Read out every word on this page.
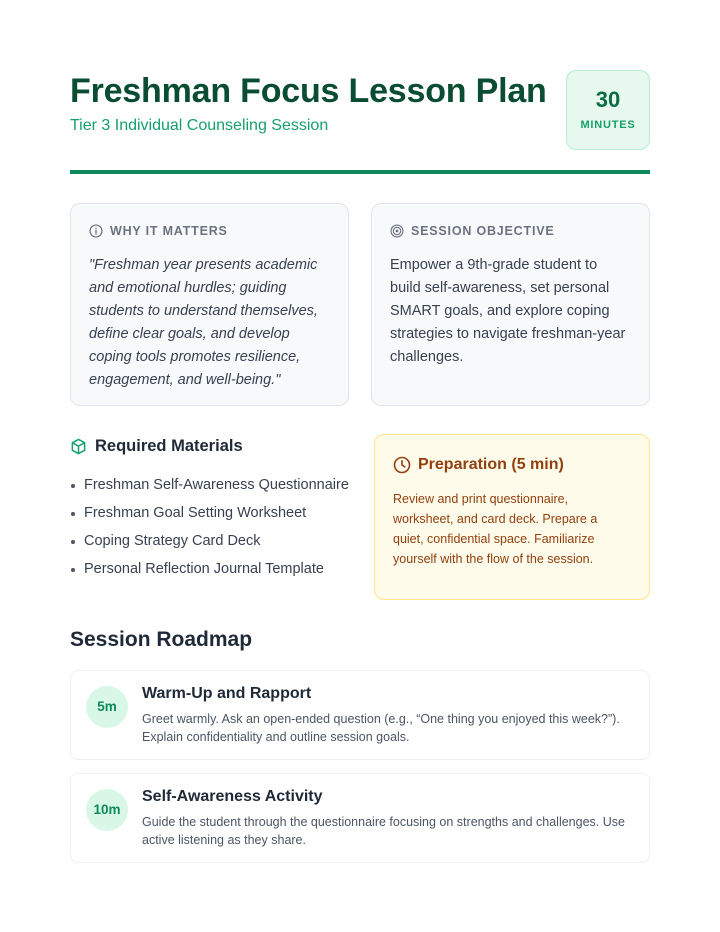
Freshman Focus Lesson Plan
Tier 3 Individual Counseling Session
30
MINUTES
WHY IT MATTERS
"Freshman year presents academic and emotional hurdles; guiding students to understand themselves, define clear goals, and develop coping tools promotes resilience, engagement, and well-being."
SESSION OBJECTIVE
Empower a 9th-grade student to build self-awareness, set personal SMART goals, and explore coping strategies to navigate freshman-year challenges.
Required Materials
Freshman Self-Awareness Questionnaire
Freshman Goal Setting Worksheet
Coping Strategy Card Deck
Personal Reflection Journal Template
Preparation (5 min)
Review and print questionnaire, worksheet, and card deck. Prepare a quiet, confidential space. Familiarize yourself with the flow of the session.
Session Roadmap
5m
Warm-Up and Rapport
Greet warmly. Ask an open-ended question (e.g., “One thing you enjoyed this week?”). Explain confidentiality and outline session goals.
10m
Self-Awareness Activity
Guide the student through the questionnaire focusing on strengths and challenges. Use active listening as they share.
